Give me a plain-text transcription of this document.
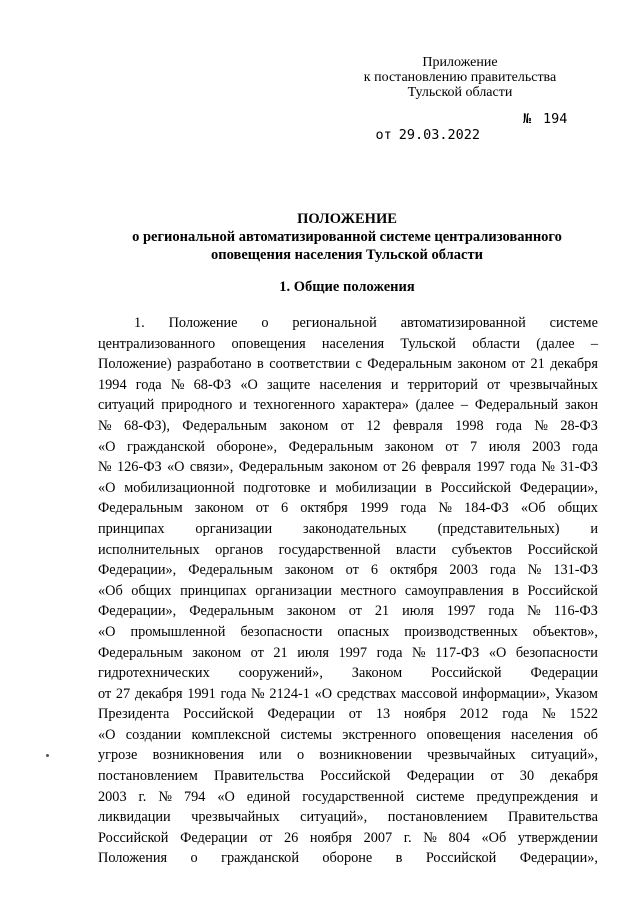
Приложение
к постановлению правительства
Тульской области

от 29.03.2022
№ 194

ПОЛОЖЕНИЕ
о региональной автоматизированной системе централизованного
оповещения населения Тульской области
1. Общие положения
1. Положение о региональной автоматизированной системе
централизованного оповещения населения Тульской области (далее –
Положение) разработано в соответствии с Федеральным законом от 21 декабря
1994 года № 68-ФЗ «О защите населения и территорий от чрезвычайных
ситуаций природного и техногенного характера» (далее – Федеральный закон
№ 68-ФЗ), Федеральным законом от 12 февраля 1998 года № 28-ФЗ
«О гражданской обороне», Федеральным законом от 7 июля 2003 года
№ 126-ФЗ «О связи», Федеральным законом от 26 февраля 1997 года № 31-ФЗ
«О мобилизационной подготовке и мобилизации в Российской Федерации»,
Федеральным законом от 6 октября 1999 года № 184-ФЗ «Об общих
принципах организации законодательных (представительных) и
исполнительных органов государственной власти субъектов Российской
Федерации», Федеральным законом от 6 октября 2003 года № 131-ФЗ
«Об общих принципах организации местного самоуправления в Российской
Федерации», Федеральным законом от 21 июля 1997 года № 116-ФЗ
«О промышленной безопасности опасных производственных объектов»,
Федеральным законом от 21 июля 1997 года № 117-ФЗ «О безопасности
гидротехнических сооружений», Законом Российской Федерации
от 27 декабря 1991 года № 2124-1 «О средствах массовой информации», Указом
Президента Российской Федерации от 13 ноября 2012 года № 1522
«О создании комплексной системы экстренного оповещения населения об
угрозе возникновения или о возникновении чрезвычайных ситуаций»,
постановлением Правительства Российской Федерации от 30 декабря
2003 г. № 794 «О единой государственной системе предупреждения и
ликвидации чрезвычайных ситуаций», постановлением Правительства
Российской Федерации от 26 ноября 2007 г. № 804 «Об утверждении
Положения о гражданской обороне в Российской Федерации»,
